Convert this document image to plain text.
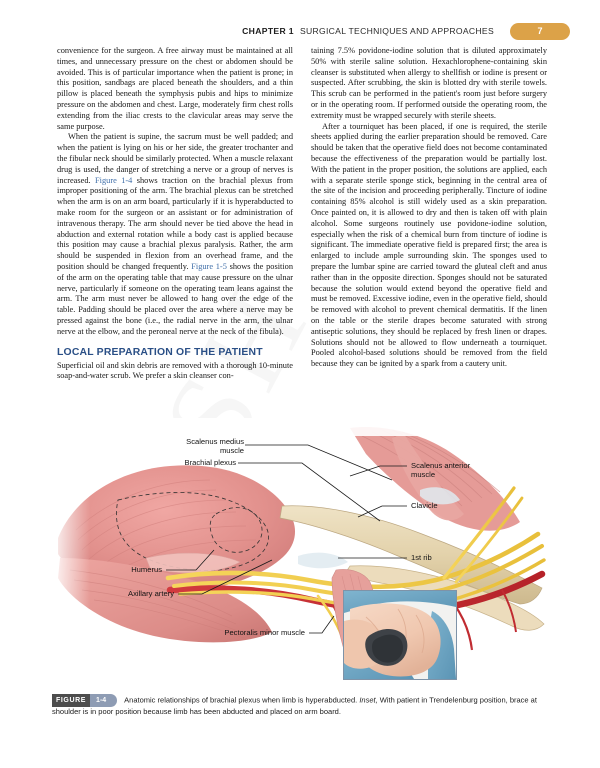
CHAPTER 1 SURGICAL TECHNIQUES AND APPROACHES	7

convenience for the surgeon. A free airway must be maintained at all times, and unnecessary pressure on the chest or abdomen should be avoided. This is of particular importance when the patient is prone; in this position, sandbags are placed beneath the shoulders, and a thin pillow is placed beneath the symphysis pubis and hips to minimize pressure on the abdomen and chest. Large, moderately firm chest rolls extending from the iliac crests to the clavicular areas may serve the same purpose.

When the patient is supine, the sacrum must be well padded; and when the patient is lying on his or her side, the greater trochanter and the fibular neck should be similarly protected. When a muscle relaxant drug is used, the danger of stretching a nerve or a group of nerves is increased. Figure 1-4 shows traction on the brachial plexus from improper positioning of the arm. The brachial plexus can be stretched when the arm is on an arm board, particularly if it is hyperabducted to make room for the surgeon or an assistant or for administration of intravenous therapy. The arm should never be tied above the head in abduction and external rotation while a body cast is applied because this position may cause a brachial plexus paralysis. Rather, the arm should be suspended in flexion from an overhead frame, and the position should be changed frequently. Figure 1-5 shows the position of the arm on the operating table that may cause pressure on the ulnar nerve, particularly if someone on the operating team leans against the arm. The arm must never be allowed to hang over the edge of the table. Padding should be placed over the area where a nerve may be pressed against the bone (i.e., the radial nerve in the arm, the ulnar nerve at the elbow, and the peroneal nerve at the neck of the fibula).

LOCAL PREPARATION OF THE PATIENT

Superficial oil and skin debris are removed with a thorough 10-minute soap-and-water scrub. We prefer a skin cleanser con-

taining 7.5% povidone-iodine solution that is diluted approximately 50% with sterile saline solution. Hexachlorophene-containing skin cleanser is substituted when allergy to shellfish or iodine is present or suspected. After scrubbing, the skin is blotted dry with sterile towels. This scrub can be performed in the patient's room just before surgery or in the operating room. If performed outside the operating room, the extremity must be wrapped securely with sterile sheets.

After a tourniquet has been placed, if one is required, the sterile sheets applied during the earlier preparation should be removed. Care should be taken that the operative field does not become contaminated because the effectiveness of the preparation would be partially lost. With the patient in the proper position, the solutions are applied, each with a separate sterile sponge stick, beginning in the central area of the site of the incision and proceeding peripherally. Tincture of iodine containing 85% alcohol is still widely used as a skin preparation. Once painted on, it is allowed to dry and then is taken off with plain alcohol. Some surgeons routinely use povidone-iodine solution, especially when the risk of a chemical burn from tincture of iodine is significant. The immediate operative field is prepared first; the area is enlarged to include ample surrounding skin. The sponges used to prepare the lumbar spine are carried toward the gluteal cleft and anus rather than in the opposite direction. Sponges should not be saturated because the solution would extend beyond the operative field and must be removed. Excessive iodine, even in the operative field, should be removed with alcohol to prevent chemical dermatitis. If the linen on the table or the sterile drapes become saturated with strong antiseptic solutions, they should be replaced by fresh linen or drapes. Solutions should not be allowed to flow underneath a tourniquet. Pooled alcohol-based solutions should be removed from the field because they can be ignited by a spark from a cautery unit.

Scalenus medius
muscle
Brachial plexus	Scalenus anterior
muscle
Clavicle
1st rib
Humerus
Axillary artery
Pectoralis minor muscle
FIGURE 1-4 Anatomic relationships of brachial plexus when limb is hyperabducted. Inset, With patient in Trendelenburg position, brace at shoulder is in poor position because limb has been abducted and placed on arm board.
